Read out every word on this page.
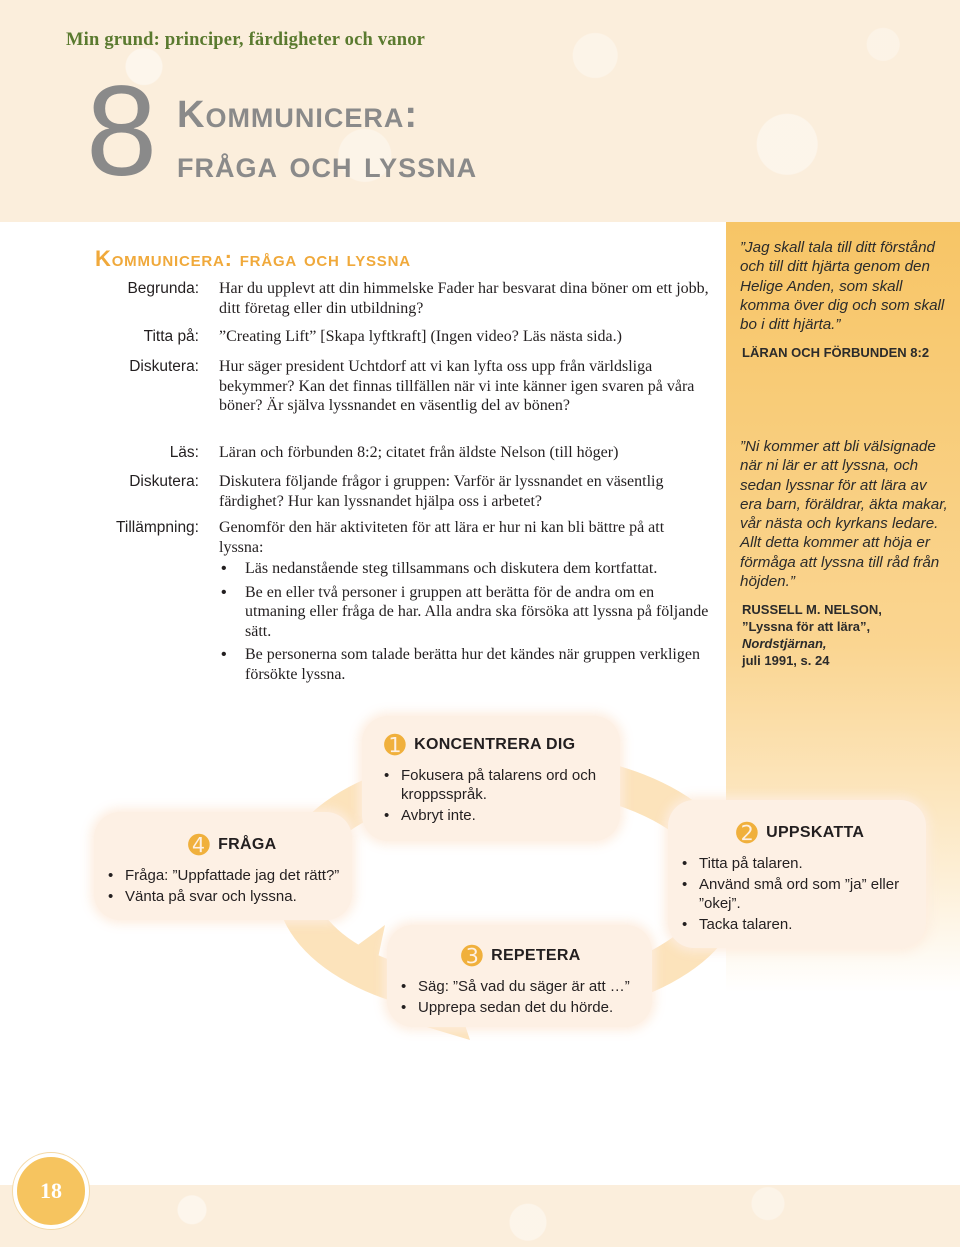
Min grund: principer, färdigheter och vanor
8 Kommunicera:
fråga och lyssna
”Jag skall tala till ditt förstånd och till ditt hjärta genom den Helige Anden, som skall komma över dig och som skall bo i ditt hjärta.”
LÄRAN OCH FÖRBUNDEN 8:2
”Ni kommer att bli välsignade när ni lär er att lyssna, och sedan lyssnar för att lära av era barn, föräldrar, äkta makar, vår nästa och kyrkans ledare. Allt detta kommer att höja er förmåga att lyssna till råd från höjden.”
RUSSELL M. NELSON,
”Lyssna för att lära”,
Nordstjärnan,
juli 1991, s. 24
Kommunicera: fråga och lyssna
Begrunda: Har du upplevt att din himmelske Fader har besvarat dina böner om ett jobb, ditt företag eller din utbildning?
Titta på: ”Creating Lift” [Skapa lyftkraft] (Ingen video? Läs nästa sida.)
Diskutera: Hur säger president Uchtdorf att vi kan lyfta oss upp från världsliga bekymmer? Kan det finnas tillfällen när vi inte känner igen svaren på våra böner? Är själva lyssnandet en väsentlig del av bönen?
Läs: Läran och förbunden 8:2; citatet från äldste Nelson (till höger)
Diskutera: Diskutera följande frågor i gruppen: Varför är lyssnandet en väsentlig färdighet? Hur kan lyssnandet hjälpa oss i arbetet?
Tillämpning: Genomför den här aktiviteten för att lära er hur ni kan bli bättre på att lyssna:
• Läs nedanstående steg tillsammans och diskutera dem kortfattat.
• Be en eller två personer i gruppen att berätta för de andra om en utmaning eller fråga de har. Alla andra ska försöka att lyssna på följande sätt.
• Be personerna som talade berätta hur det kändes när gruppen verkligen försökte lyssna.
➊ KONCENTRERA DIG
• Fokusera på talarens ord och kroppsspråk.
• Avbryt inte.
➋ UPPSKATTA
• Titta på talaren.
• Använd små ord som ”ja” eller ”okej”.
• Tacka talaren.
➌ REPETERA
• Säg: ”Så vad du säger är att …”
• Upprepa sedan det du hörde.
➍ FRÅGA
• Fråga: ”Uppfattade jag det rätt?”
• Vänta på svar och lyssna.
18
